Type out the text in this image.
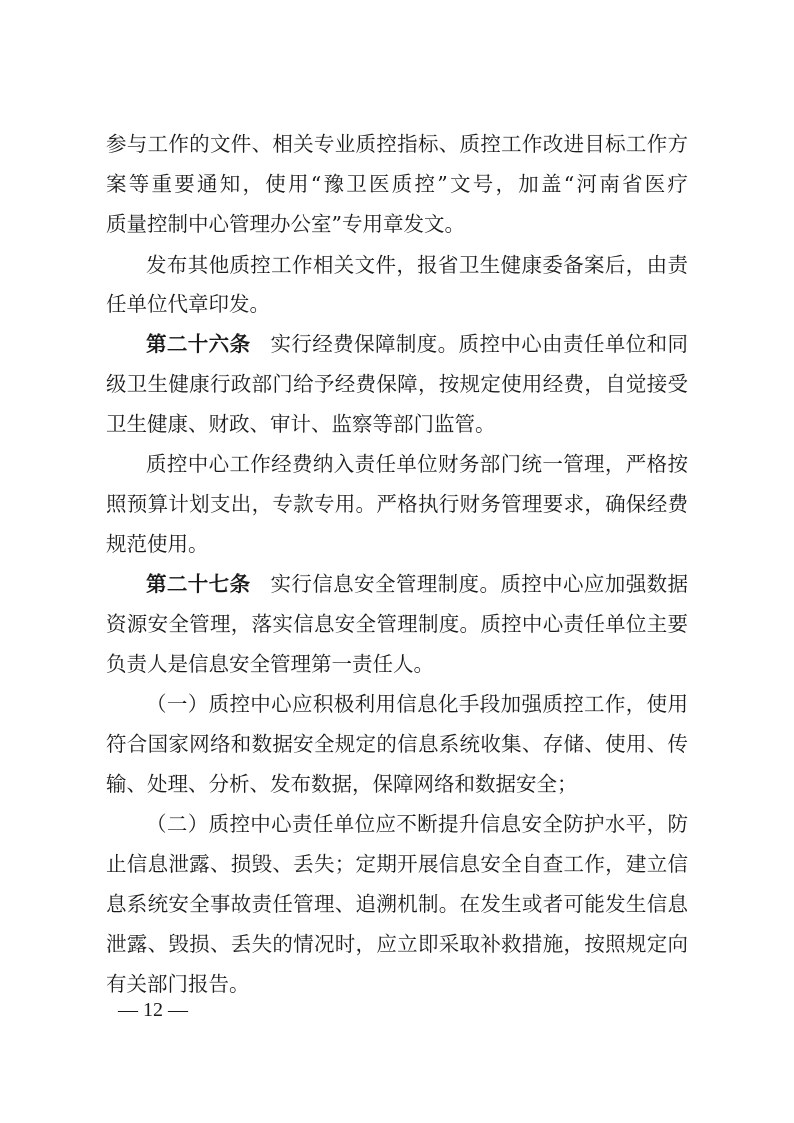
参与工作的文件、相关专业质控指标、质控工作改进目标工作方
案等重要通知，使用“豫卫医质控”文号，加盖“河南省医疗
质量控制中心管理办公室”专用章发文。
发布其他质控工作相关文件，报省卫生健康委备案后，由责
任单位代章印发。
第二十六条 实行经费保障制度。质控中心由责任单位和同
级卫生健康行政部门给予经费保障，按规定使用经费，自觉接受
卫生健康、财政、审计、监察等部门监管。
质控中心工作经费纳入责任单位财务部门统一管理，严格按
照预算计划支出，专款专用。严格执行财务管理要求，确保经费
规范使用。
第二十七条 实行信息安全管理制度。质控中心应加强数据
资源安全管理，落实信息安全管理制度。质控中心责任单位主要
负责人是信息安全管理第一责任人。
（一）质控中心应积极利用信息化手段加强质控工作，使用
符合国家网络和数据安全规定的信息系统收集、存储、使用、传
输、处理、分析、发布数据，保障网络和数据安全；
（二）质控中心责任单位应不断提升信息安全防护水平，防
止信息泄露、损毁、丢失；定期开展信息安全自查工作，建立信
息系统安全事故责任管理、追溯机制。在发生或者可能发生信息
泄露、毁损、丢失的情况时，应立即采取补救措施，按照规定向
有关部门报告。
— 12 —
